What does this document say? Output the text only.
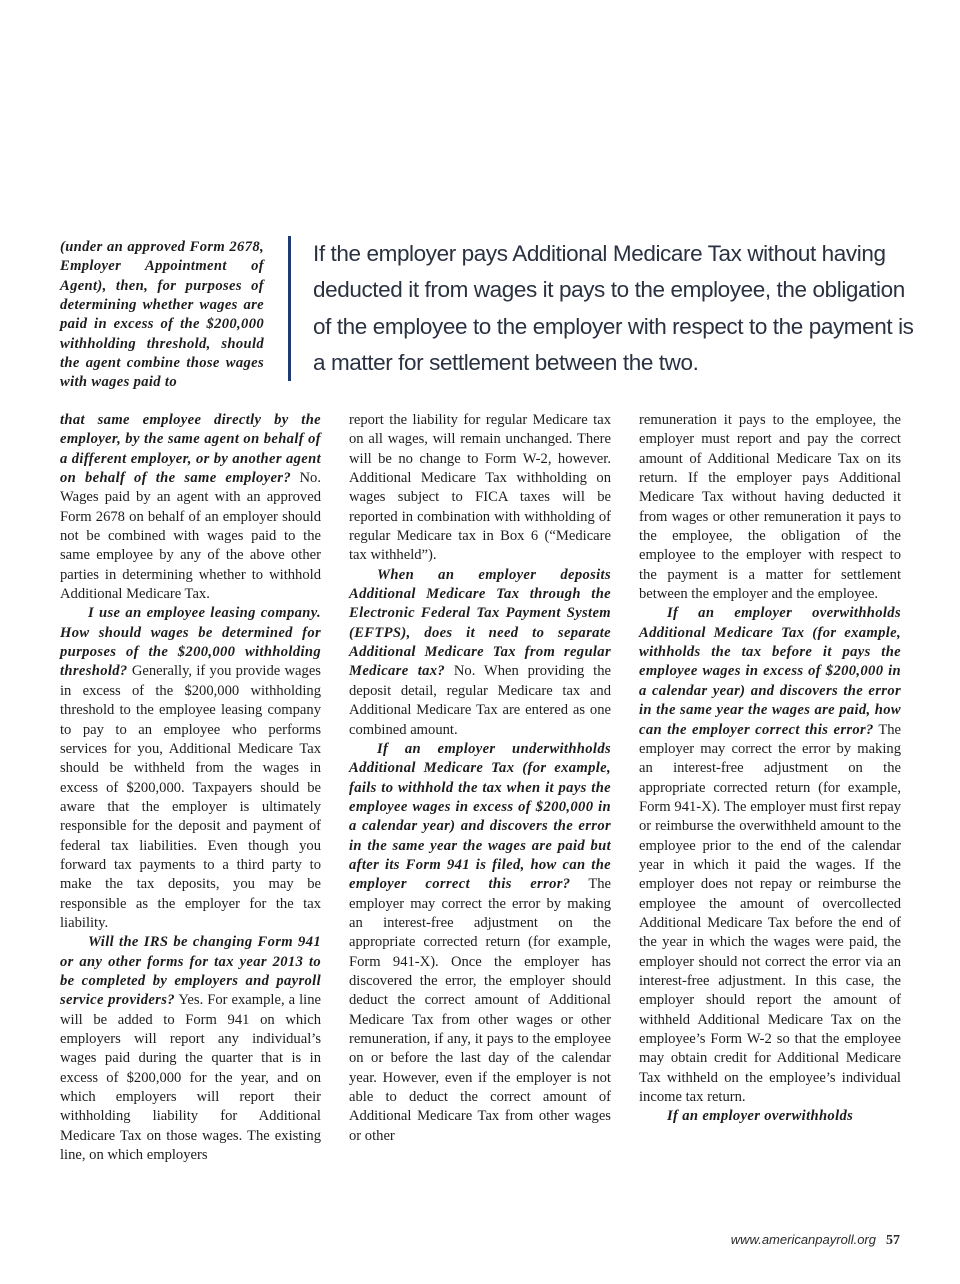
If the employer pays Additional Medicare Tax without having deducted it from wages it pays to the employee, the obligation of the employee to the employer with respect to the payment is a matter for settlement between the two.
(under an approved Form 2678, Employer Appointment of Agent), then, for purposes of determining whether wages are paid in excess of the $200,000 withholding threshold, should the agent combine those wages with wages paid to

that same employee directly by the employer, by the same agent on behalf of a different employer, or by another agent on behalf of the same employer? No. Wages paid by an agent with an approved Form 2678 on behalf of an employer should not be combined with wages paid to the same employee by any of the above other parties in determining whether to withhold Additional Medicare Tax.

I use an employee leasing company. How should wages be determined for purposes of the $200,000 withholding threshold? Generally, if you provide wages in excess of the $200,000 withholding threshold to the employee leasing company to pay to an employee who performs services for you, Additional Medicare Tax should be withheld from the wages in excess of $200,000. Taxpayers should be aware that the employer is ultimately responsible for the deposit and payment of federal tax liabilities. Even though you forward tax payments to a third party to make the tax deposits, you may be responsible as the employer for the tax liability.

Will the IRS be changing Form 941 or any other forms for tax year 2013 to be completed by employers and payroll service providers? Yes. For example, a line will be added to Form 941 on which employers will report any individual’s wages paid during the quarter that is in excess of $200,000 for the year, and on which employers will report their withholding liability for Additional Medicare Tax on those wages. The existing line, on which employers

report the liability for regular Medicare tax on all wages, will remain unchanged. There will be no change to Form W-2, however. Additional Medicare Tax withholding on wages subject to FICA taxes will be reported in combination with withholding of regular Medicare tax in Box 6 (“Medicare tax withheld”).

When an employer deposits Additional Medicare Tax through the Electronic Federal Tax Payment System (EFTPS), does it need to separate Additional Medicare Tax from regular Medicare tax? No. When providing the deposit detail, regular Medicare tax and Additional Medicare Tax are entered as one combined amount.

If an employer underwithholds Additional Medicare Tax (for example, fails to withhold the tax when it pays the employee wages in excess of $200,000 in a calendar year) and discovers the error in the same year the wages are paid but after its Form 941 is filed, how can the employer correct this error? The employer may correct the error by making an interest-free adjustment on the appropriate corrected return (for example, Form 941-X). Once the employer has discovered the error, the employer should deduct the correct amount of Additional Medicare Tax from other wages or other remuneration, if any, it pays to the employee on or before the last day of the calendar year. However, even if the employer is not able to deduct the correct amount of Additional Medicare Tax from other wages or other

remuneration it pays to the employee, the employer must report and pay the correct amount of Additional Medicare Tax on its return. If the employer pays Additional Medicare Tax without having deducted it from wages or other remuneration it pays to the employee, the obligation of the employee to the employer with respect to the payment is a matter for settlement between the employer and the employee.

If an employer overwithholds Additional Medicare Tax (for example, withholds the tax before it pays the employee wages in excess of $200,000 in a calendar year) and discovers the error in the same year the wages are paid, how can the employer correct this error? The employer may correct the error by making an interest-free adjustment on the appropriate corrected return (for example, Form 941-X). The employer must first repay or reimburse the overwithheld amount to the employee prior to the end of the calendar year in which it paid the wages. If the employer does not repay or reimburse the employee the amount of overcollected Additional Medicare Tax before the end of the year in which the wages were paid, the employer should not correct the error via an interest-free adjustment. In this case, the employer should report the amount of withheld Additional Medicare Tax on the employee’s Form W-2 so that the employee may obtain credit for Additional Medicare Tax withheld on the employee’s individual income tax return.

If an employer overwithholds

www.americanpayroll.org 57
